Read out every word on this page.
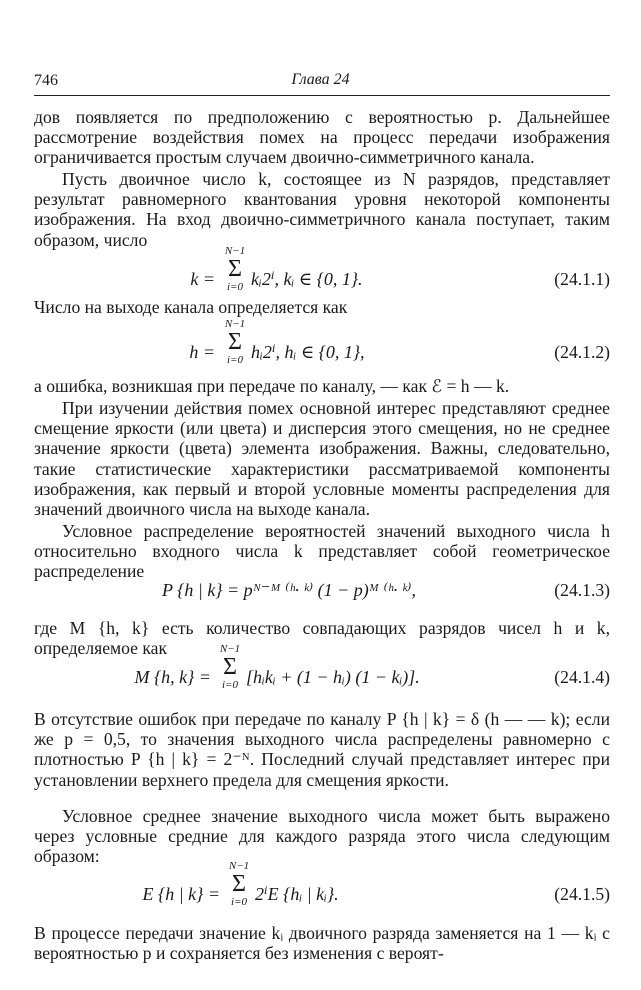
746	Глава 24

дов появляется по предположению с вероятностью p. Дальнейшее рассмотрение воздействия помех на процесс передачи изображения ограничивается простым случаем двоично-симметричного канала.

Пусть двоичное число k, состоящее из N разрядов, представляет результат равномерного квантования уровня некоторой компоненты изображения. На вход двоично-симметричного канала поступает, таким образом, число

k =
N−1
Σ
i=0 kᵢ2ⁱ, kᵢ ∈ {0, 1}.	(24.1.1)

Число на выходе канала определяется как

h =
N−1
Σ
i=0 hᵢ2ⁱ, hᵢ ∈ {0, 1},	(24.1.2)

а ошибка, возникшая при передаче по каналу, — как ℰ = h — k.

При изучении действия помех основной интерес представляют среднее смещение яркости (или цвета) и дисперсия этого смещения, но не среднее значение яркости (цвета) элемента изображения. Важны, следовательно, такие статистические характеристики рассматриваемой компоненты изображения, как первый и второй условные моменты распределения для значений двоичного числа на выходе канала.

Условное распределение вероятностей значений выходного числа h относительно входного числа k представляет собой геометрическое распределение

P {h | k} = pᴺ⁻ᴹ ⁽ʰ· ᵏ⁾ (1 − p)ᴹ ⁽ʰ· ᵏ⁾,	(24.1.3)

где M {h, k} есть количество совпадающих разрядов чисел h и k, определяемое как

M {h, k} =
N−1
Σ
i=0 [hᵢkᵢ + (1 − hᵢ) (1 − kᵢ)].	(24.1.4)

В отсутствие ошибок при передаче по каналу P {h | k} = δ (h — — k); если же p = 0,5, то значения выходного числа распределены равномерно с плотностью P {h | k} = 2⁻ᴺ. Последний случай представляет интерес при установлении верхнего предела для смещения яркости.

Условное среднее значение выходного числа может быть выражено через условные средние для каждого разряда этого числа следующим образом:

E {h | k} =
N−1
Σ
i=0 2ⁱE {hᵢ | kᵢ}.	(24.1.5)

В процессе передачи значение kᵢ двоичного разряда заменяется на 1 — kᵢ с вероятностью p и сохраняется без изменения с вероят-
